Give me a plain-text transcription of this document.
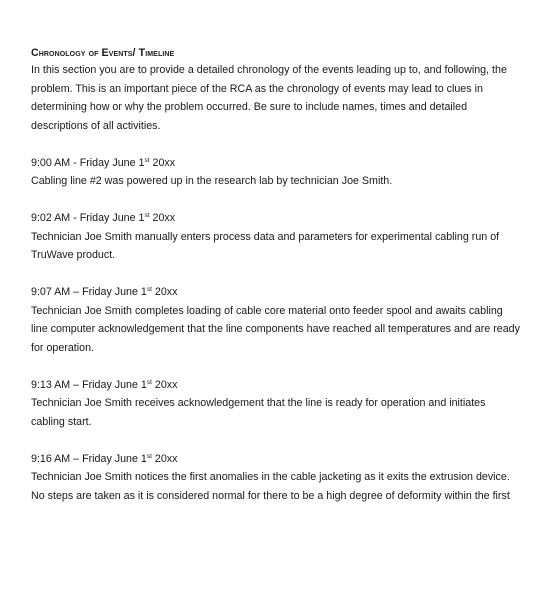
Chronology of Events/ Timeline

In this section you are to provide a detailed chronology of the events leading up to, and following, the problem. This is an important piece of the RCA as the chronology of events may lead to clues in determining how or why the problem occurred. Be sure to include names, times and detailed descriptions of all activities.

9:00 AM - Friday June 1st 20xx

Cabling line #2 was powered up in the research lab by technician Joe Smith.

9:02 AM - Friday June 1st 20xx

Technician Joe Smith manually enters process data and parameters for experimental cabling run of TruWave product.

9:07 AM – Friday June 1st 20xx

Technician Joe Smith completes loading of cable core material onto feeder spool and awaits cabling line computer acknowledgement that the line components have reached all temperatures and are ready for operation.

9:13 AM – Friday June 1st 20xx

Technician Joe Smith receives acknowledgement that the line is ready for operation and initiates cabling start.

9:16 AM – Friday June 1st 20xx

Technician Joe Smith notices the first anomalies in the cable jacketing as it exits the extrusion device. No steps are taken as it is considered normal for there to be a high degree of deformity within the first
